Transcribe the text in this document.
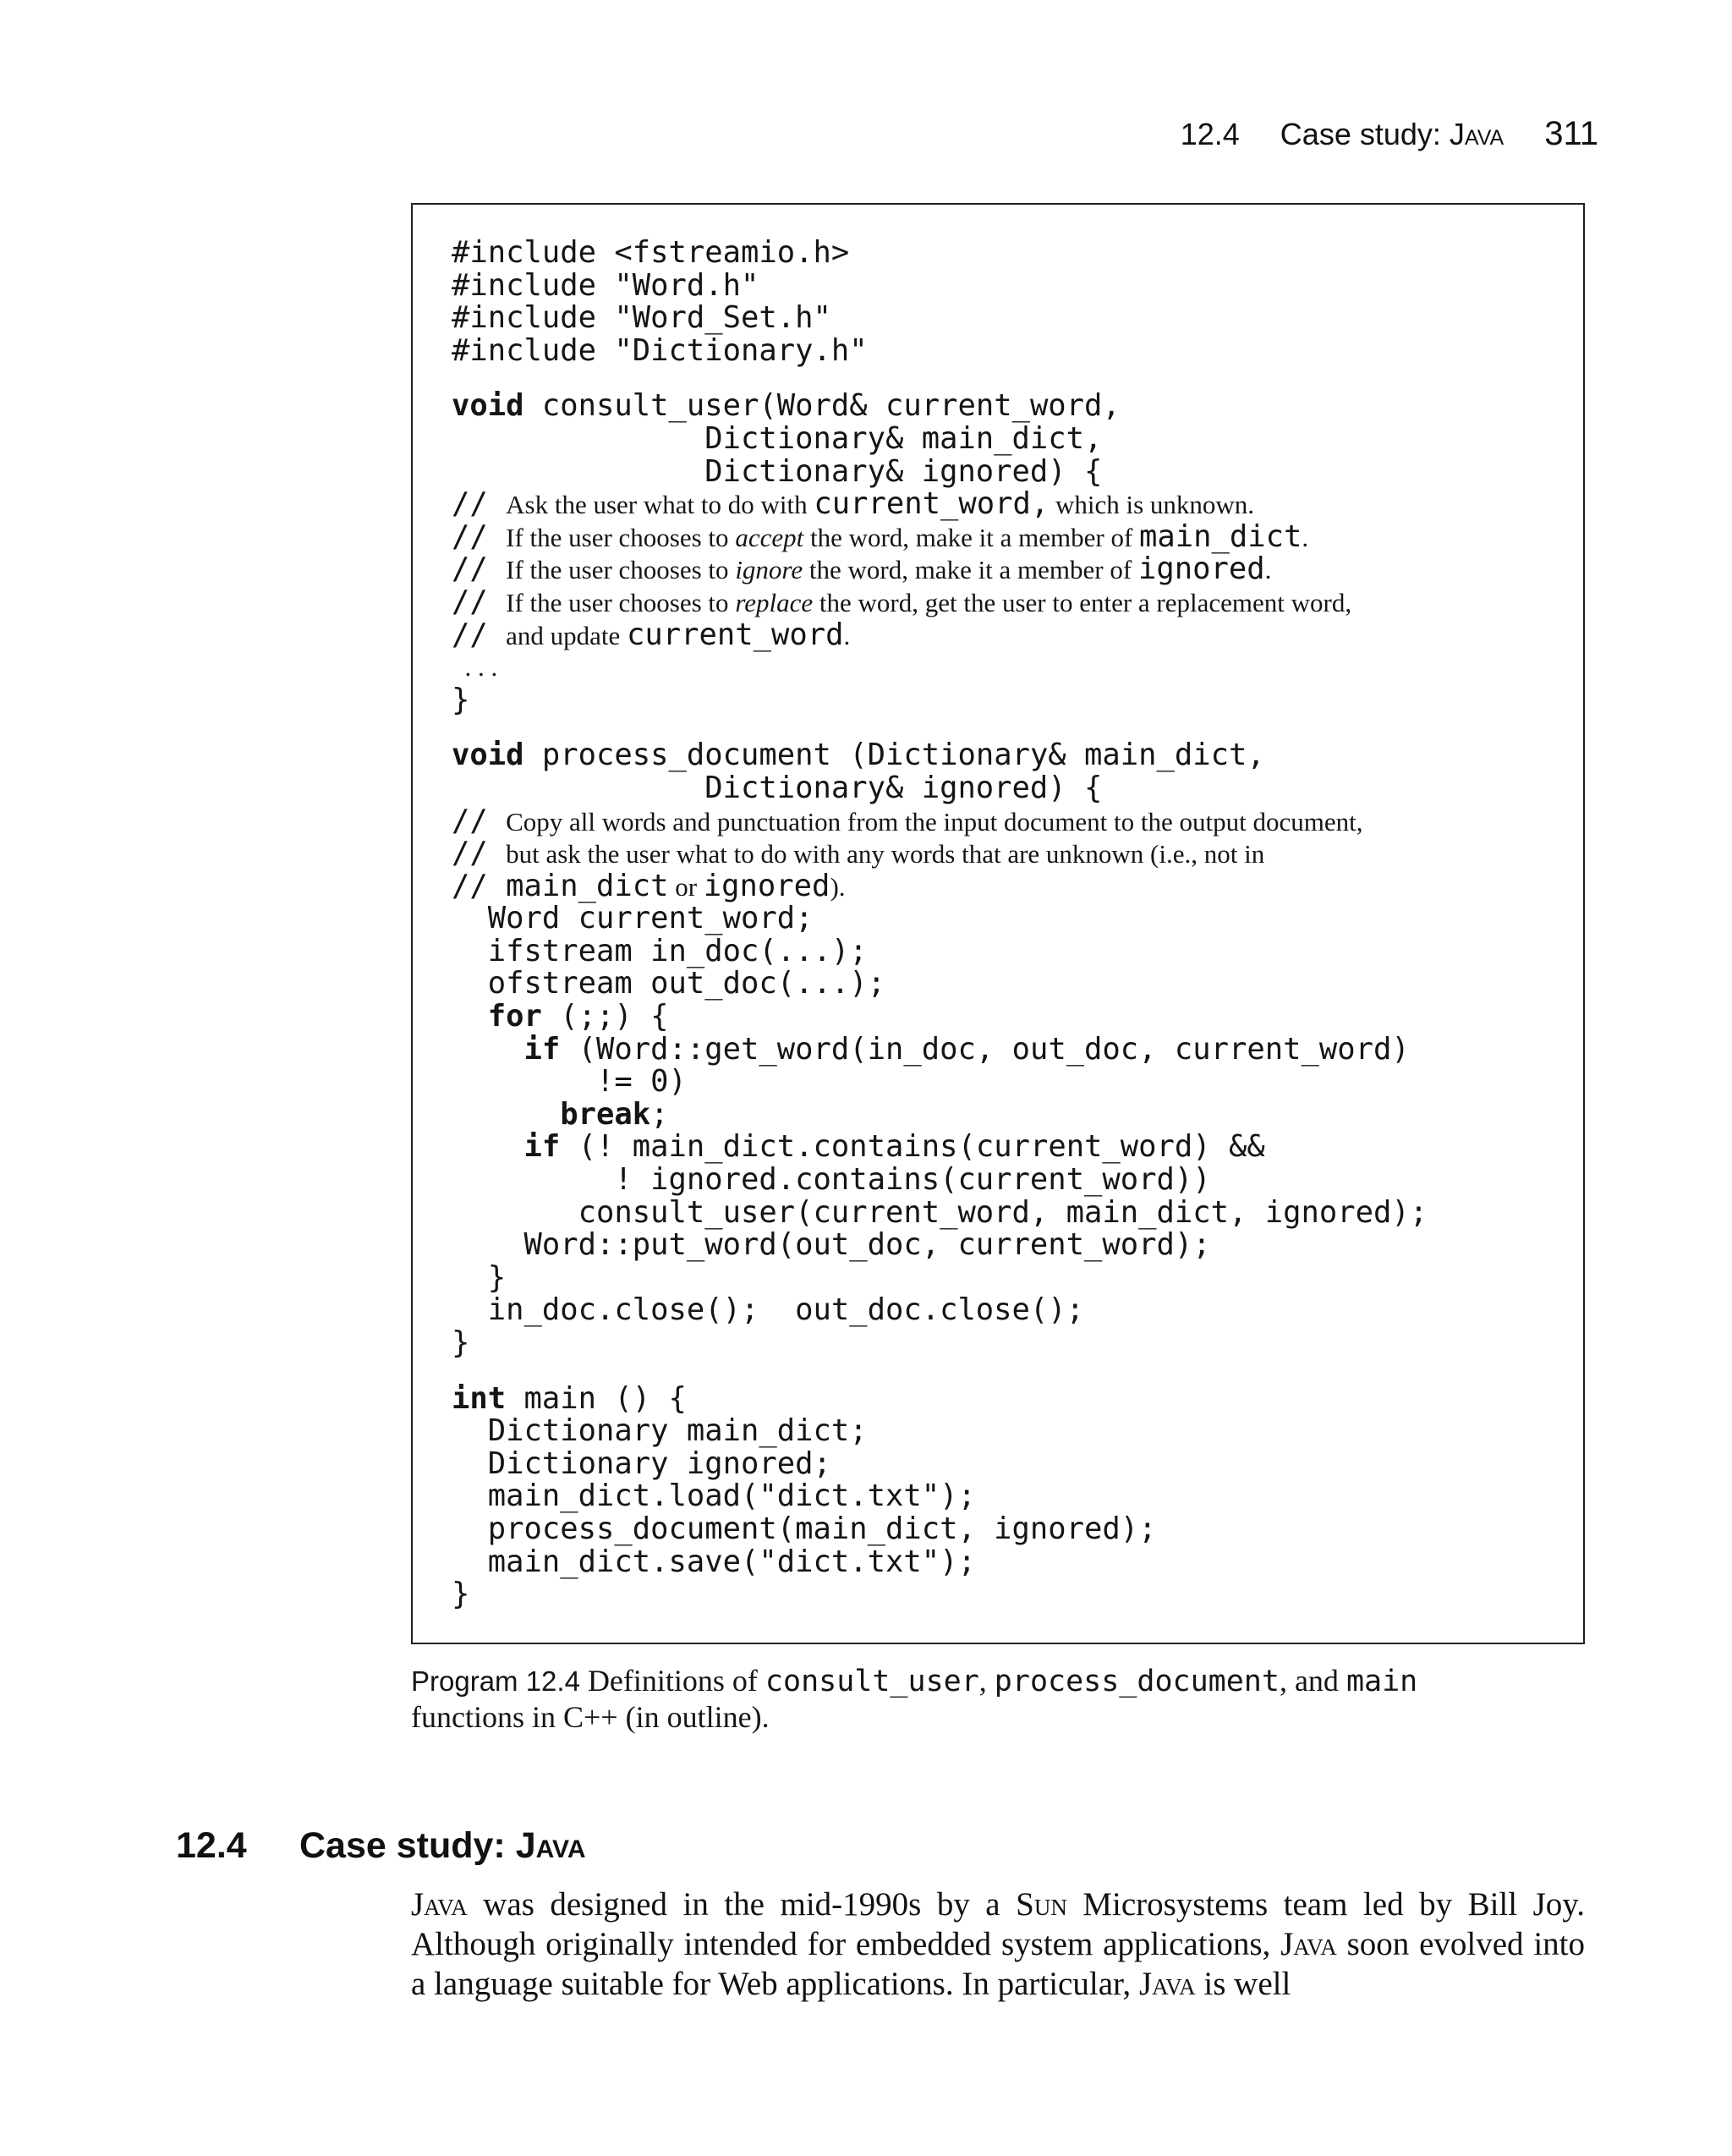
12.4 Case study: Java 311
#include <fstreamio.h>
#include "Word.h"
#include "Word_Set.h"
#include "Dictionary.h"
void consult_user(Word& current_word,
Dictionary& main_dict,
Dictionary& ignored) {
// Ask the user what to do with current_word, which is unknown.
// If the user chooses to accept the word, make it a member of main_dict.
// If the user chooses to ignore the word, make it a member of ignored.
// If the user chooses to replace the word, get the user to enter a replacement word,
// and update current_word.
. . .
}
void process_document (Dictionary& main_dict,
Dictionary& ignored) {
// Copy all words and punctuation from the input document to the output document,
// but ask the user what to do with any words that are unknown (i.e., not in
// main_dict or ignored).
Word current_word;
ifstream in_doc(...);
ofstream out_doc(...);
for (;;) {
if (Word::get_word(in_doc, out_doc, current_word)
!= 0)
break;
if (! main_dict.contains(current_word) &&
! ignored.contains(current_word))
consult_user(current_word, main_dict, ignored);
Word::put_word(out_doc, current_word);
}
in_doc.close();  out_doc.close();
}
int main () {
Dictionary main_dict;
Dictionary ignored;
main_dict.load("dict.txt");
process_document(main_dict, ignored);
main_dict.save("dict.txt");
}
Program 12.4 Definitions of consult_user, process_document, and main
functions in C++ (in outline).
12.4	Case study: Java
Java was designed in the mid-1990s by a Sun Microsystems team led by Bill Joy. Although originally intended for embedded system applications, Java soon evolved into a language suitable for Web applications. In particular, Java is well
